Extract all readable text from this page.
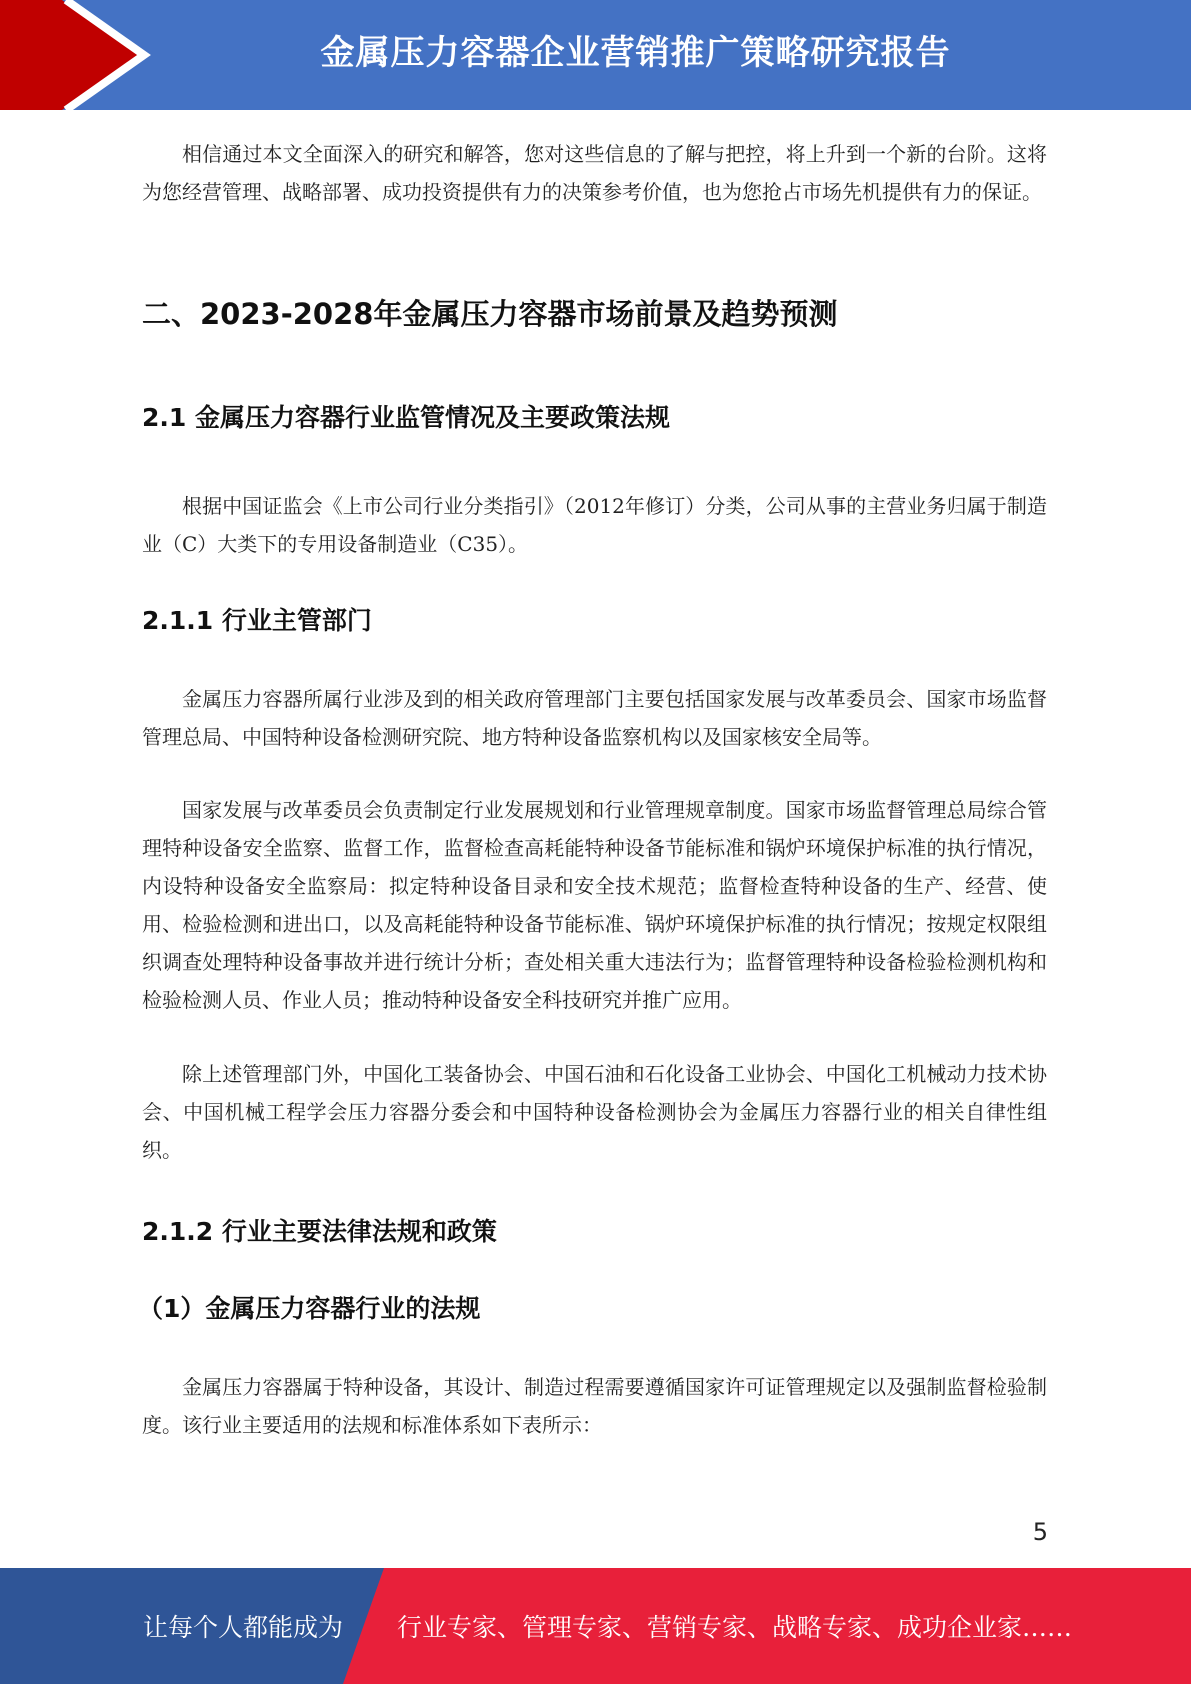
金属压力容器企业营销推广策略研究报告

相信通过本文全面深入的研究和解答，您对这些信息的了解与把控，将上升到一个新的台阶。这将为您经营管理、战略部署、成功投资提供有力的决策参考价值，也为您抢占市场先机提供有力的保证。

二、2023-2028年金属压力容器市场前景及趋势预测
2.1 金属压力容器行业监管情况及主要政策法规

根据中国证监会《上市公司行业分类指引》（2012年修订）分类，公司从事的主营业务归属于制造业（C）大类下的专用设备制造业（C35）。

2.1.1 行业主管部门

金属压力容器所属行业涉及到的相关政府管理部门主要包括国家发展与改革委员会、国家市场监督管理总局、中国特种设备检测研究院、地方特种设备监察机构以及国家核安全局等。

国家发展与改革委员会负责制定行业发展规划和行业管理规章制度。国家市场监督管理总局综合管理特种设备安全监察、监督工作，监督检查高耗能特种设备节能标准和锅炉环境保护标准的执行情况，内设特种设备安全监察局：拟定特种设备目录和安全技术规范；监督检查特种设备的生产、经营、使用、检验检测和进出口，以及高耗能特种设备节能标准、锅炉环境保护标准的执行情况；按规定权限组织调查处理特种设备事故并进行统计分析；查处相关重大违法行为；监督管理特种设备检验检测机构和检验检测人员、作业人员；推动特种设备安全科技研究并推广应用。

除上述管理部门外，中国化工装备协会、中国石油和石化设备工业协会、中国化工机械动力技术协会、中国机械工程学会压力容器分委会和中国特种设备检测协会为金属压力容器行业的相关自律性组织。

2.1.2 行业主要法律法规和政策
（1）金属压力容器行业的法规

金属压力容器属于特种设备，其设计、制造过程需要遵循国家许可证管理规定以及强制监督检验制度。该行业主要适用的法规和标准体系如下表所示：

5
让每个人都能成为 行业专家、管理专家、营销专家、战略专家、成功企业家……
